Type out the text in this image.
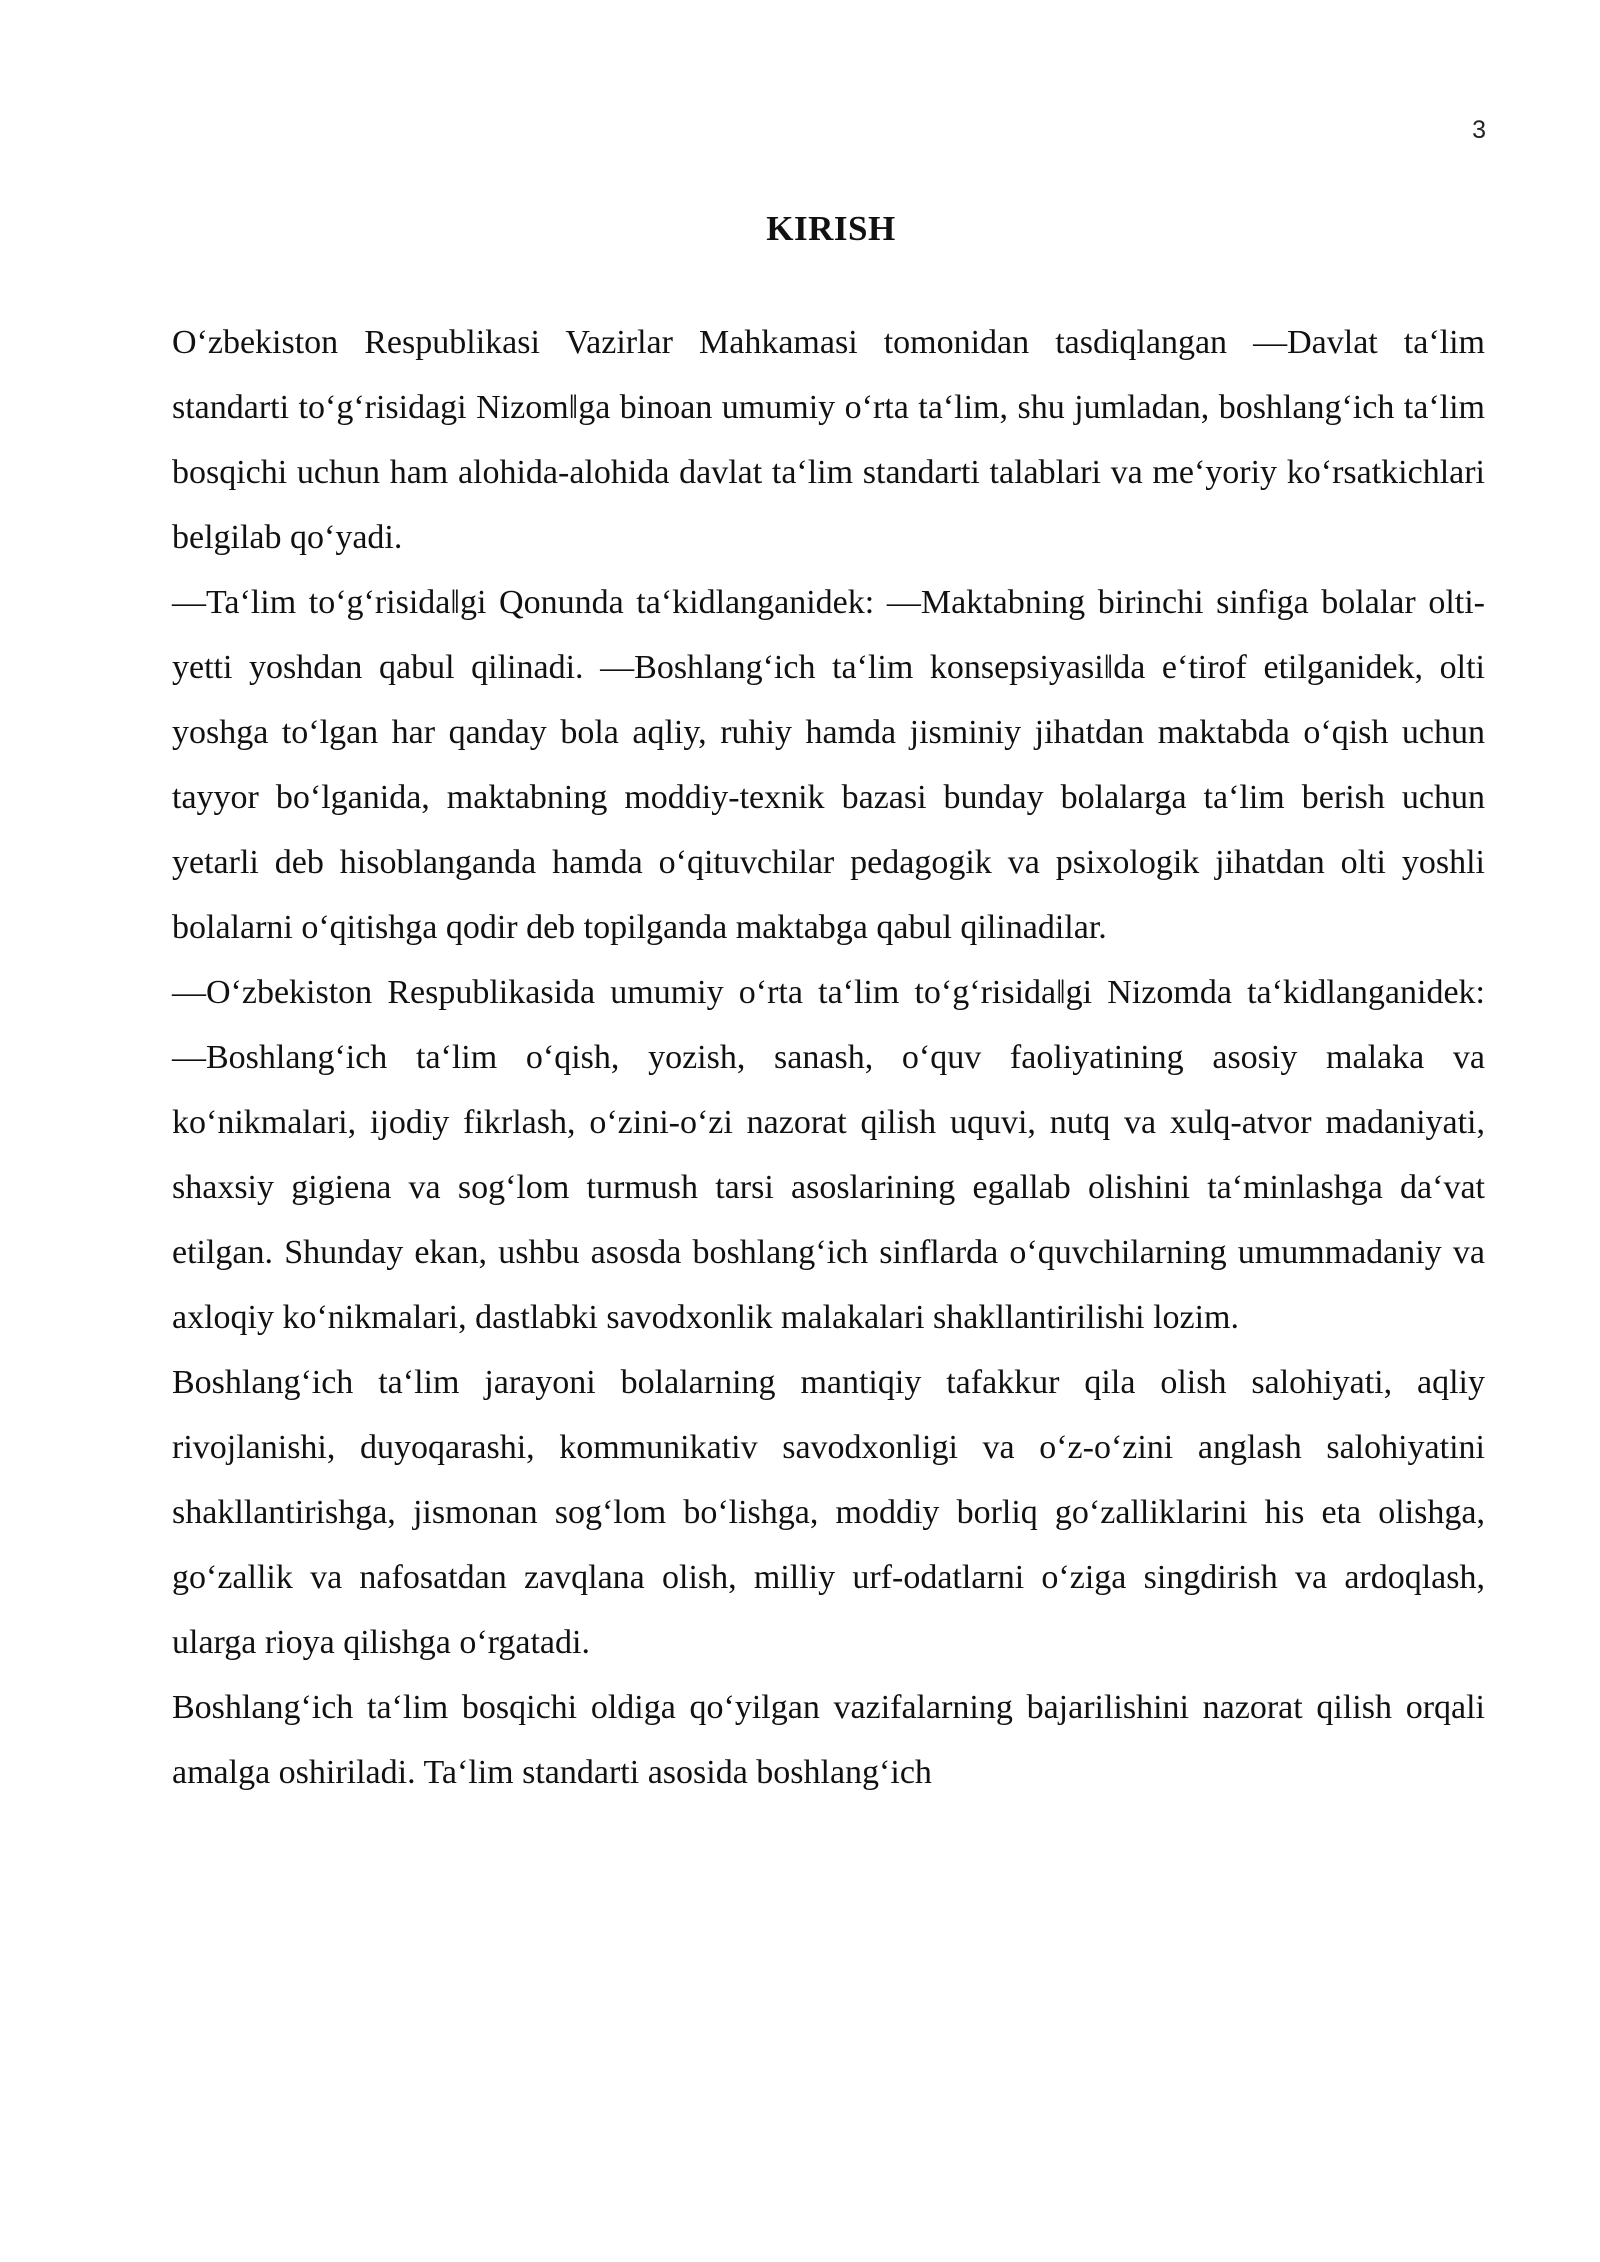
3
KIRISH

O‘zbekiston Respublikasi Vazirlar Mahkamasi tomonidan tasdiqlangan ―Davlat ta‘lim standarti to‘g‘risidagi Nizom‖ga binoan umumiy o‘rta ta‘lim, shu jumladan, boshlang‘ich ta‘lim bosqichi uchun ham alohida-alohida davlat ta‘lim standarti talablari va me‘yoriy ko‘rsatkichlari belgilab qo‘yadi.

―Ta‘lim to‘g‘risida‖gi Qonunda ta‘kidlanganidek: ―Maktabning birinchi sinfiga bolalar olti-yetti yoshdan qabul qilinadi. ―Boshlang‘ich ta‘lim konsepsiyasi‖da e‘tirof etilganidek, olti yoshga to‘lgan har qanday bola aqliy, ruhiy hamda jisminiy jihatdan maktabda o‘qish uchun tayyor bo‘lganida, maktabning moddiy-texnik bazasi bunday bolalarga ta‘lim berish uchun yetarli deb hisoblanganda hamda o‘qituvchilar pedagogik va psixologik jihatdan olti yoshli bolalarni o‘qitishga qodir deb topilganda maktabga qabul qilinadilar.

―O‘zbekiston Respublikasida umumiy o‘rta ta‘lim to‘g‘risida‖gi Nizomda ta‘kidlanganidek: ―Boshlang‘ich ta‘lim o‘qish, yozish, sanash, o‘quv faoliyatining asosiy malaka va ko‘nikmalari, ijodiy fikrlash, o‘zini-o‘zi nazorat qilish uquvi, nutq va xulq-atvor madaniyati, shaxsiy gigiena va sog‘lom turmush tarsi asoslarining egallab olishini ta‘minlashga da‘vat etilgan. Shunday ekan, ushbu asosda boshlang‘ich sinflarda o‘quvchilarning umummadaniy va axloqiy ko‘nikmalari, dastlabki savodxonlik malakalari shakllantirilishi lozim.

Boshlang‘ich ta‘lim jarayoni bolalarning mantiqiy tafakkur qila olish salohiyati, aqliy rivojlanishi, duyoqarashi, kommunikativ savodxonligi va o‘z-o‘zini anglash salohiyatini shakllantirishga, jismonan sog‘lom bo‘lishga, moddiy borliq go‘zalliklarini his eta olishga, go‘zallik va nafosatdan zavqlana olish, milliy urf-odatlarni o‘ziga singdirish va ardoqlash, ularga rioya qilishga o‘rgatadi.

Boshlang‘ich ta‘lim bosqichi oldiga qo‘yilgan vazifalarning bajarilishini nazorat qilish orqali amalga oshiriladi. Ta‘lim standarti asosida boshlang‘ich
